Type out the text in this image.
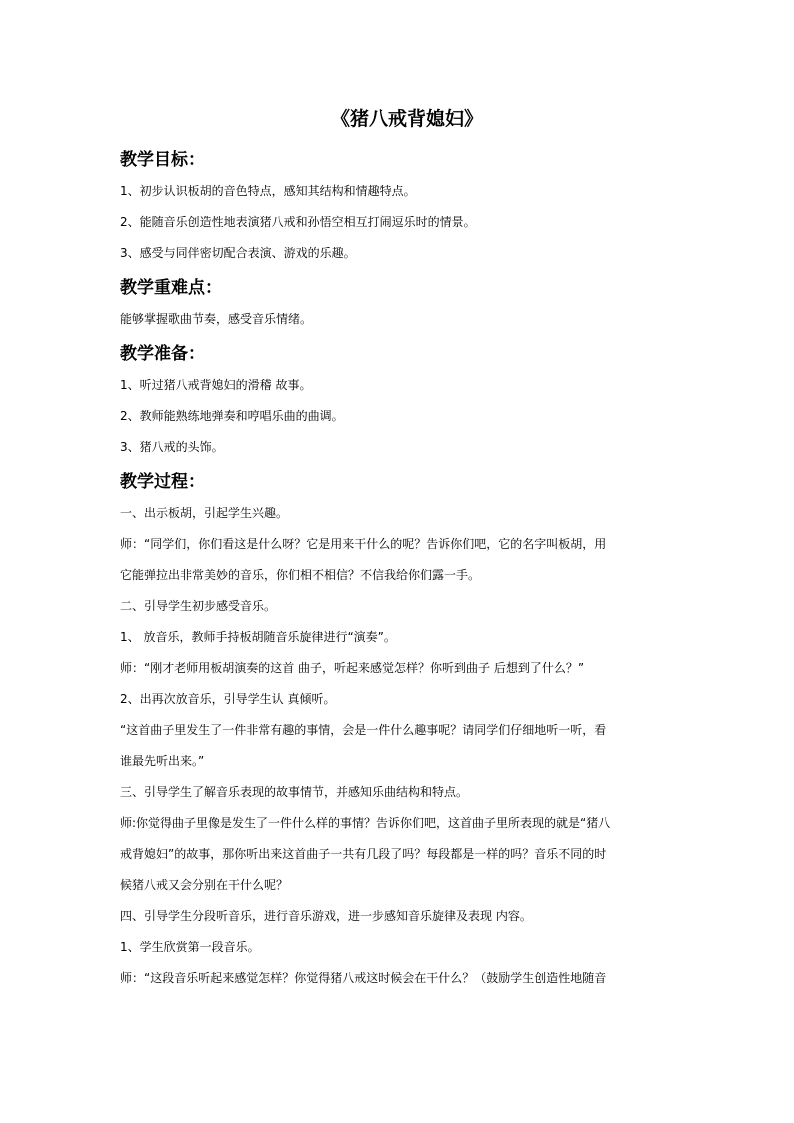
《猪八戒背媳妇》
教学目标：
1、初步认识板胡的音色特点，感知其结构和情趣特点。
2、能随音乐创造性地表演猪八戒和孙悟空相互打闹逗乐时的情景。
3、感受与同伴密切配合表演、游戏的乐趣。
教学重难点：
能够掌握歌曲节奏，感受音乐情绪。
教学准备：
1、听过猪八戒背媳妇的滑稽 故事。
2、教师能熟练地弹奏和哼唱乐曲的曲调。
3、猪八戒的头饰。
教学过程：
一、出示板胡，引起学生兴趣。
师：“同学们，你们看这是什么呀？它是用来干什么的呢？告诉你们吧，它的名字叫板胡，用
它能弹拉出非常美妙的音乐，你们相不相信？不信我给你们露一手。
二、引导学生初步感受音乐。
1、 放音乐，教师手持板胡随音乐旋律进行“演奏”。
师：“刚才老师用板胡演奏的这首 曲子，听起来感觉怎样？你听到曲子 后想到了什么？”
2、出再次放音乐，引导学生认 真倾听。
“这首曲子里发生了一件非常有趣的事情，会是一件什么趣事呢？请同学们仔细地听一听，看
谁最先听出来。”
三、引导学生了解音乐表现的故事情节，并感知乐曲结构和特点。
师:你觉得曲子里像是发生了一件什么样的事情？告诉你们吧，这首曲子里所表现的就是“猪八
戒背媳妇”的故事，那你听出来这首曲子一共有几段了吗？每段都是一样的吗？音乐不同的时
候猪八戒又会分别在干什么呢？
四、引导学生分段听音乐，进行音乐游戏，进一步感知音乐旋律及表现 内容。
1、学生欣赏第一段音乐。
师：“这段音乐听起来感觉怎样？你觉得猪八戒这时候会在干什么？（鼓励学生创造性地随音
